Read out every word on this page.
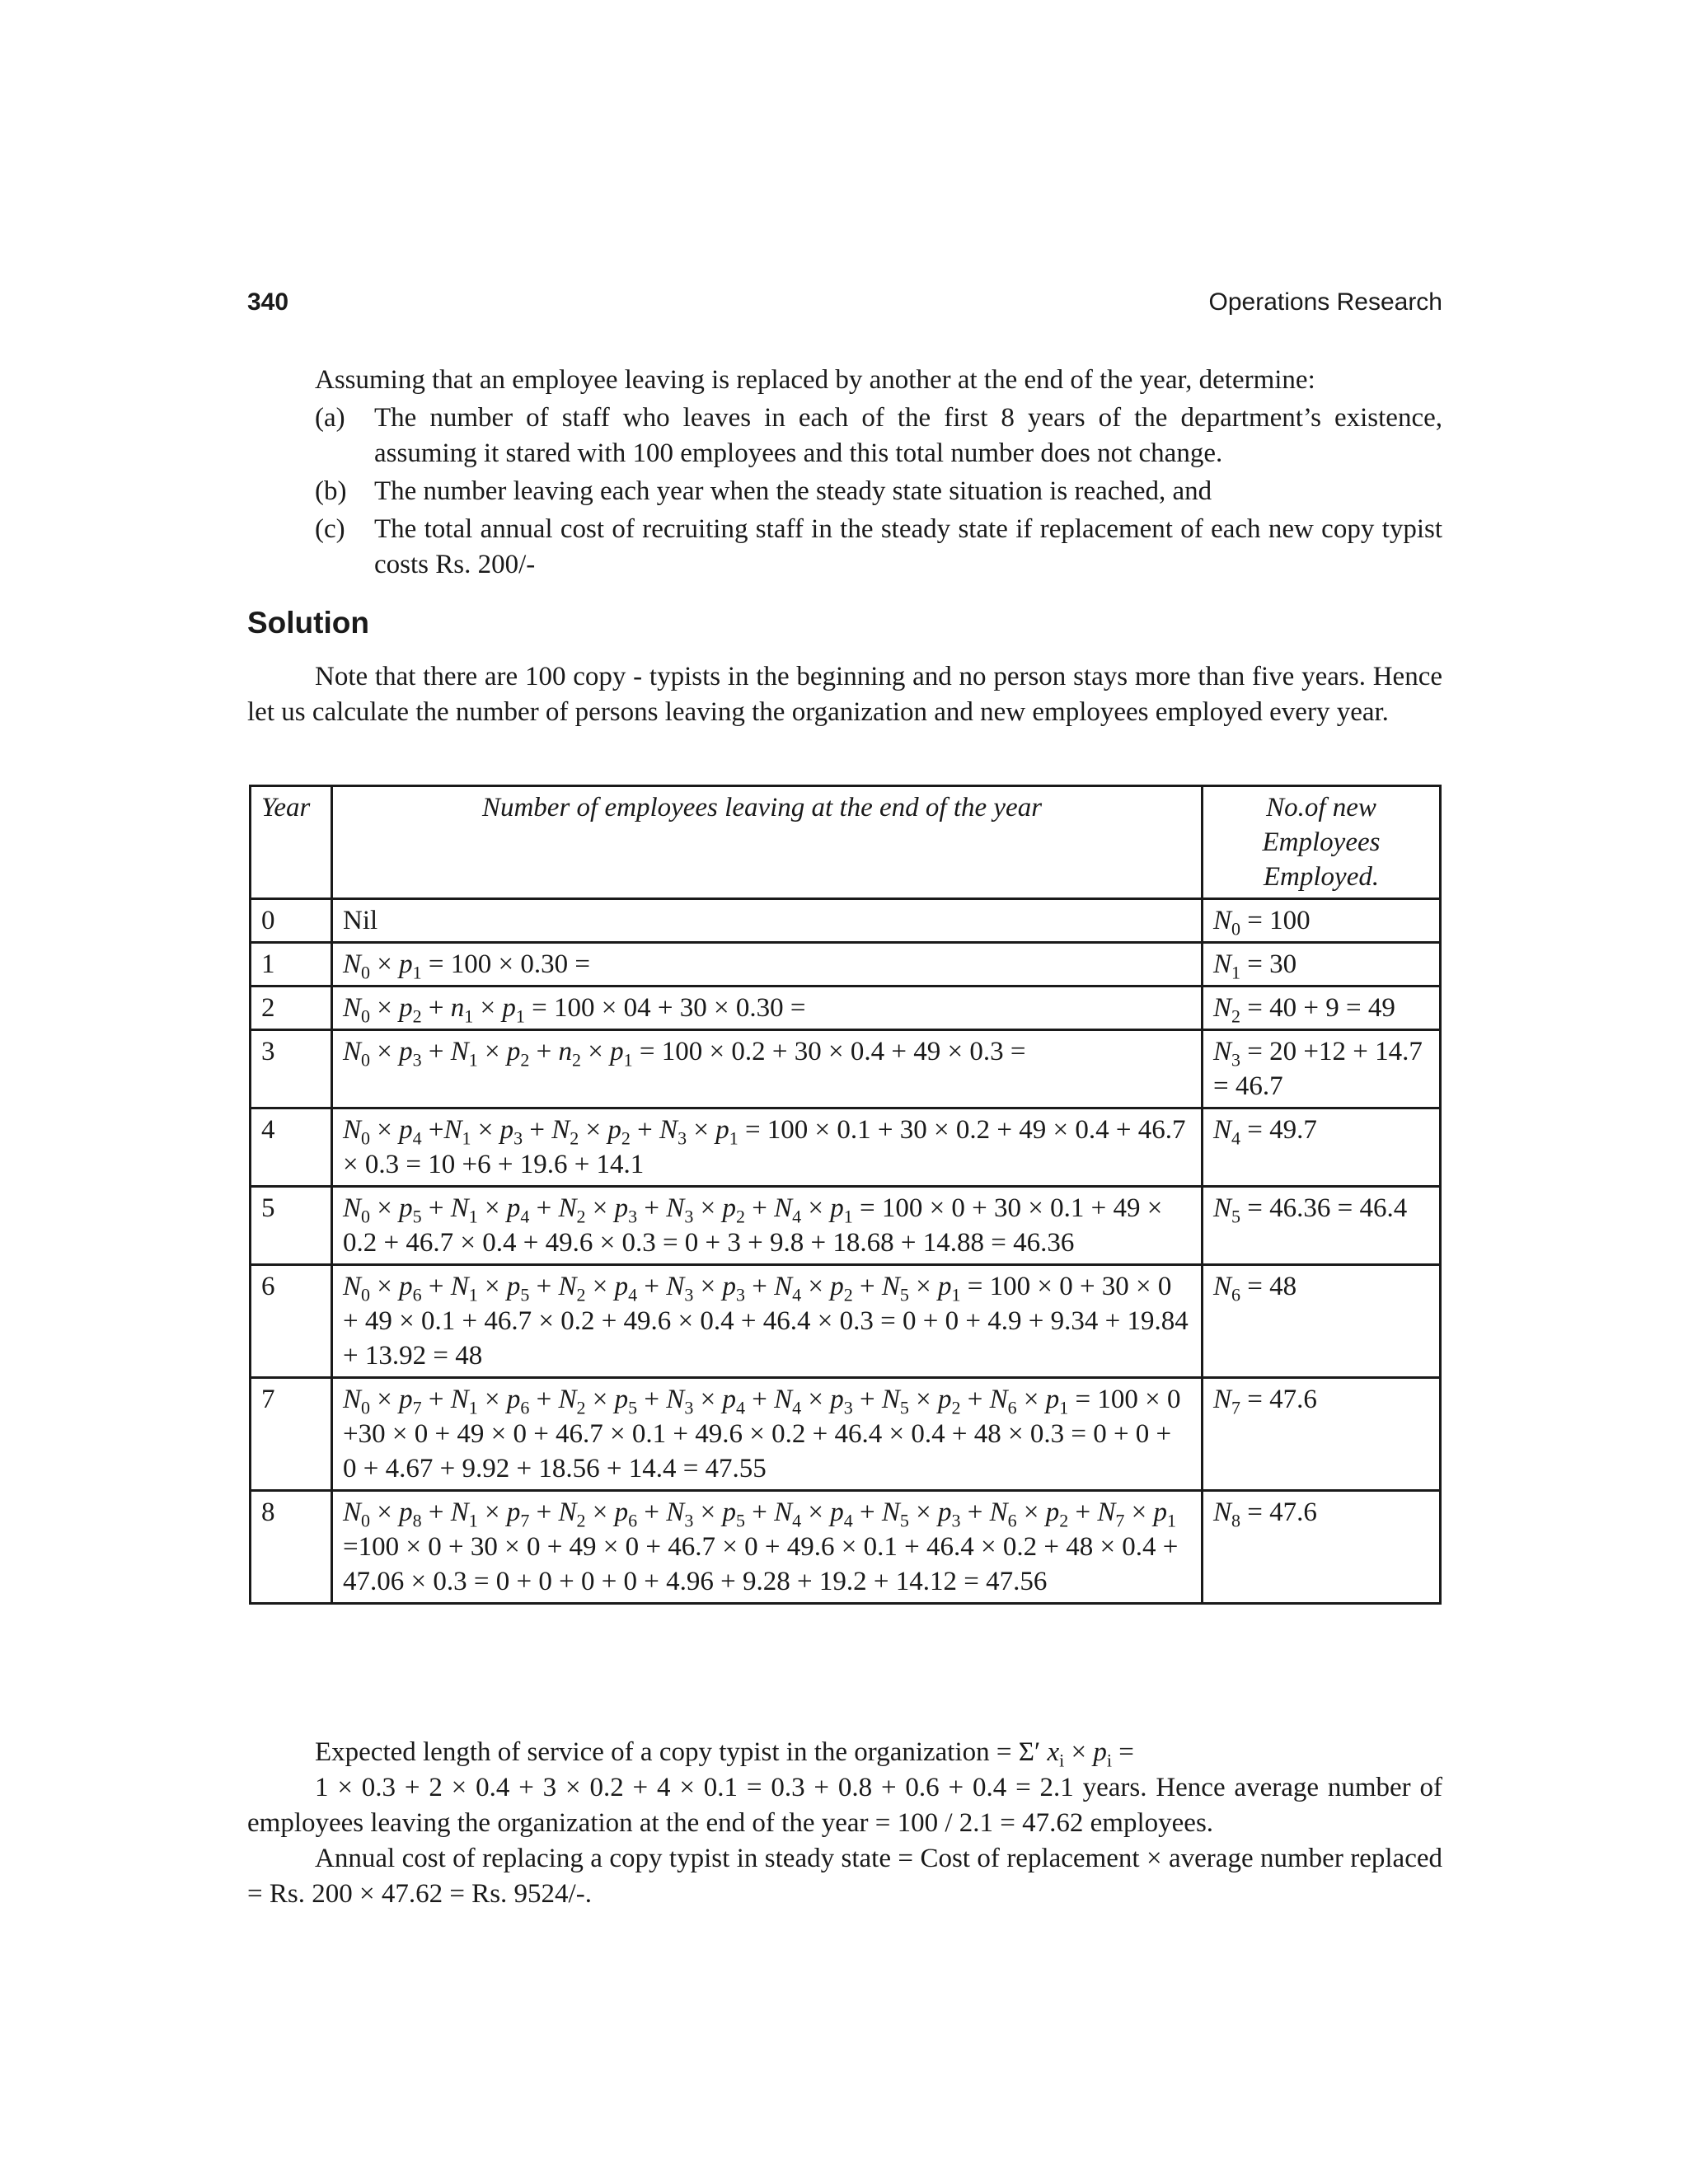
340	Operations Research

Assuming that an employee leaving is replaced by another at the end of the year, determine:

(a)	The number of staff who leaves in each of the first 8 years of the department’s existence, assuming it stared with 100 employees and this total number does not change.
(b)	The number leaving each year when the steady state situation is reached, and
(c)	The total annual cost of recruiting staff in the steady state if replacement of each new copy typist costs Rs. 200/-
Solution

Note that there are 100 copy - typists in the beginning and no person stays more than five years. Hence let us calculate the number of persons leaving the organization and new employees employed every year.

Year	Number of employees leaving at the end of the year	No.of new
Employees
Employed.
0	Nil	$N_0 = 100$
1	$N_0 \times p_1 = 100 \times 0.30$ =	$N_1 = 30$
2	$N_0 \times p_2 + n_1 \times p_1 = 100 \times 04 + 30 \times 0.30$ =	$N_2 = 40 + 9 = 49$
3	$N_0 \times p_3 + N_1 \times p_2 + n_2 \times p_1 = 100 \times 0.2 + 30 \times 0.4 + 49 \times 0.3$ =	$N_3 = 20 +12 + 14.7 = 46.7$
4	$N_0 \times p_4 +N_1 \times p_3 + N_2 \times p_2 + N_3 \times p_1 = 100 \times 0.1 + 30 \times 0.2 + 49 \times 0.4 + 46.7 \times 0.3 = 10 +6 + 19.6 + 14.1$	$N_4 = 49.7$
5	$N_0 \times p_5 + N_1 \times p_4 + N_2 \times p_3 + N_3 \times p_2 + N_4 \times p_1 = 100 \times 0 + 30 \times 0.1 + 49 \times 0.2 + 46.7 \times 0.4 + 49.6 \times 0.3 = 0 + 3 + 9.8 + 18.68 + 14.88 = 46.36$	$N_5 = 46.36 = 46.4$
6	$N_0 \times p_6 + N_1 \times p_5 + N_2 \times p_4 + N_3 \times p_3 + N_4 \times p_2 + N_5 \times p_1 = 100 \times 0 + 30 \times 0 + 49 \times 0.1 + 46.7 \times 0.2 + 49.6 \times 0.4 + 46.4 \times 0.3 = 0 + 0 + 4.9 + 9.34 + 19.84 + 13.92 = 48$	$N_6 = 48$
7	$N_0 \times p_7 + N_1 \times p_6 + N_2 \times p_5 + N_3 \times p_4 + N_4 \times p_3 + N_5 \times p_2 + N_6 \times p_1 = 100 \times 0 +30 \times 0 + 49 \times 0 + 46.7 \times 0.1 + 49.6 \times 0.2 + 46.4 \times 0.4 + 48 \times 0.3 = 0 + 0 + 0 + 4.67$ + 9.92 + 18.56 + 14.4 = 47.55	$N_7 = 47.6$
8	$N_0 \times p_8 + N_1 \times p_7 + N_2 \times p_6 + N_3 \times p_5 + N_4 \times p_4 + N_5 \times p_3 + N_6 \times p_2 + N_7 \times p_1 =100 \times 0 + 30 \times 0 + 49 \times 0 + 46.7 \times 0 + 49.6 \times 0.1 + 46.4 \times 0.2 + 48 \times 0.4 + 47.06 \times 0.3$ = 0 + 0 + 0 + 0 + 4.96 + 9.28 + 19.2 + 14.12 = 47.56	$N_8 = 47.6$

Expected length of service of a copy typist in the organization = Σ′ $x_i \times p_i$ =

1 × 0.3 + 2 × 0.4 + 3 × 0.2 + 4 × 0.1 = 0.3 + 0.8 + 0.6 + 0.4 = 2.1 years. Hence average number of employees leaving the organization at the end of the year = 100 / 2.1 = 47.62 employees.

Annual cost of replacing a copy typist in steady state = Cost of replacement × average number replaced = Rs. 200 × 47.62 = Rs. 9524/-.
